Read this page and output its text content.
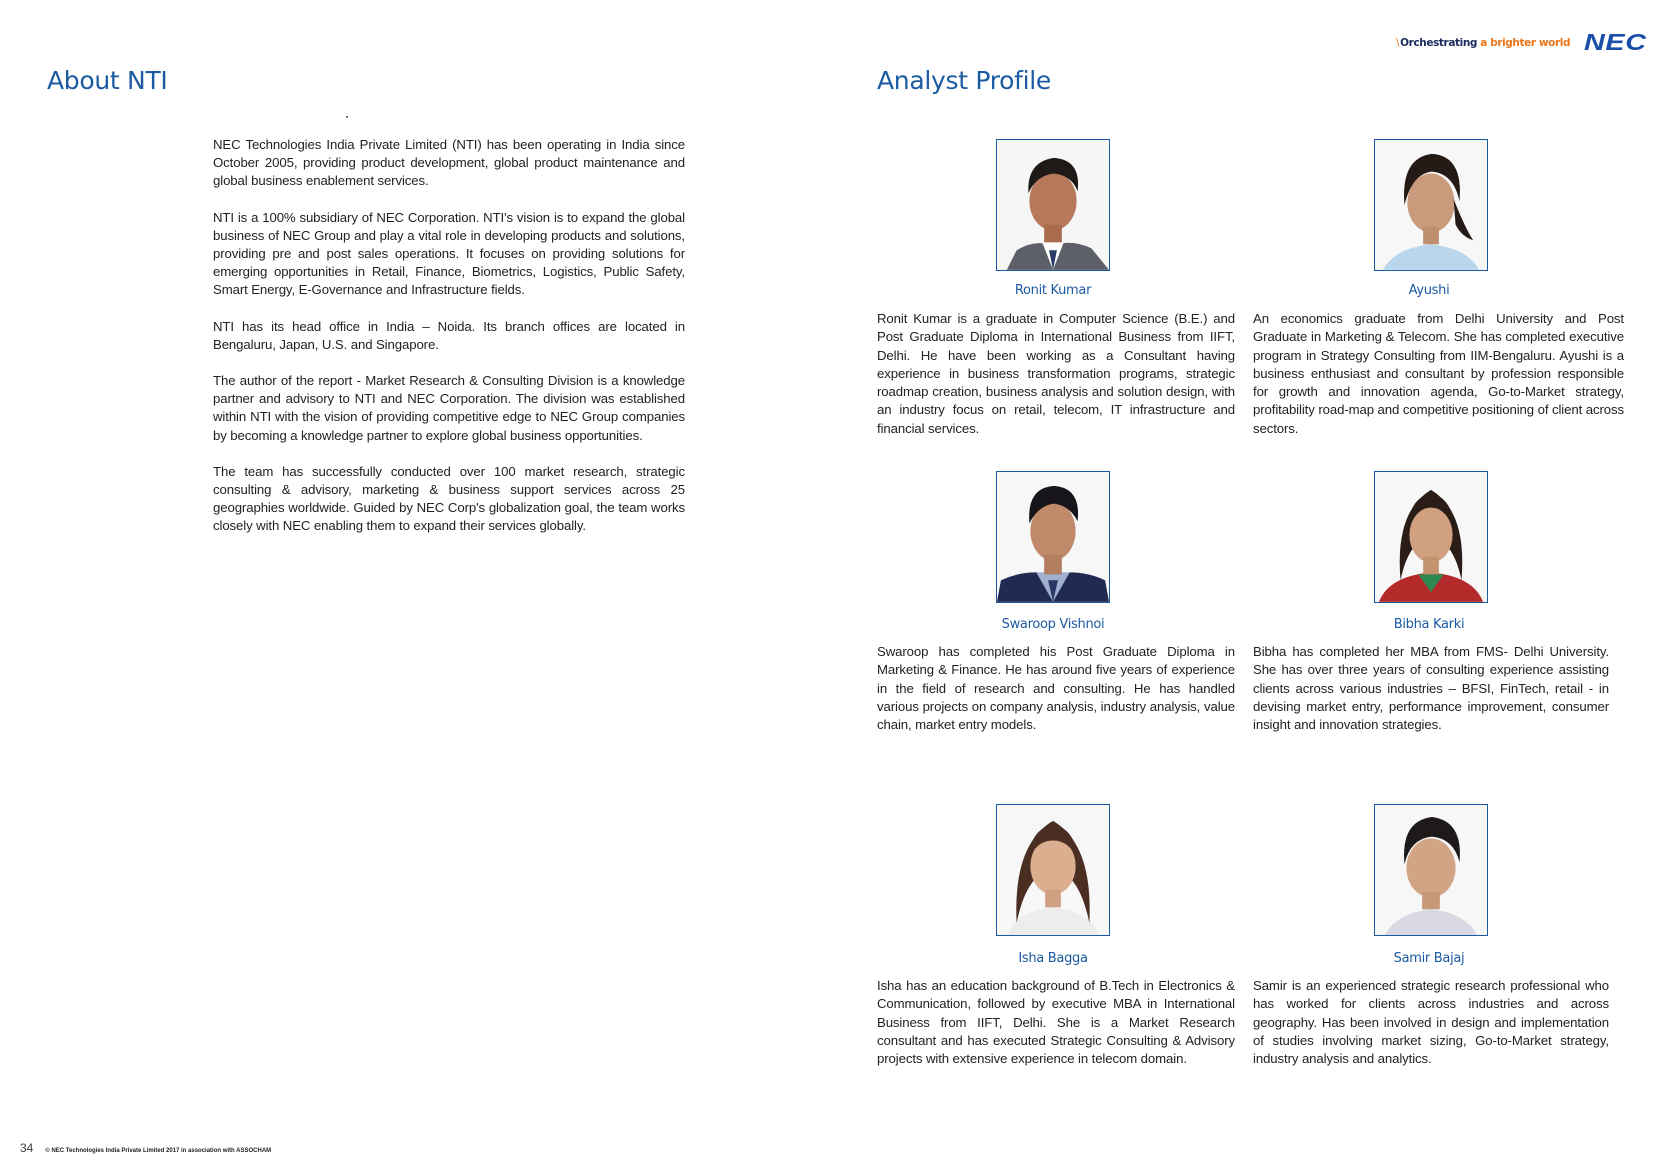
\Orchestrating a brighter world NEC
About NTI

NEC Technologies India Private Limited (NTI) has been operating in India since October 2005, providing product development, global product maintenance and global business enablement services.

NTI is a 100% subsidiary of NEC Corporation. NTI's vision is to expand the global business of NEC Group and play a vital role in developing products and solutions, providing pre and post sales operations. It focuses on providing solutions for emerging opportunities in Retail, Finance, Biometrics, Logistics, Public Safety, Smart Energy, E-Governance and Infrastructure fields.

NTI has its head office in India – Noida. Its branch offices are located in Bengaluru, Japan, U.S. and Singapore.

The author of the report - Market Research & Consulting Division is a knowledge partner and advisory to NTI and NEC Corporation. The division was established within NTI with the vision of providing competitive edge to NEC Group companies by becoming a knowledge partner to explore global business opportunities.

The team has successfully conducted over 100 market research, strategic consulting & advisory, marketing & business support services across 25 geographies worldwide. Guided by NEC Corp's globalization goal, the team works closely with NEC enabling them to expand their services globally.

Analyst Profile
Ronit Kumar
Ronit Kumar is a graduate in Computer Science (B.E.) and Post Graduate Diploma in International Business from IIFT, Delhi. He have been working as a Consultant having experience in business transformation programs, strategic roadmap creation, business analysis and solution design, with an industry focus on retail, telecom, IT infrastructure and financial services.
Ayushi
An economics graduate from Delhi University and Post Graduate in Marketing & Telecom. She has completed executive program in Strategy Consulting from IIM-Bengaluru. Ayushi is a business enthusiast and consultant by profession responsible for growth and innovation agenda, Go-to-Market strategy, profitability road-map and competitive positioning of client across sectors.
Swaroop Vishnoi
Swaroop has completed his Post Graduate Diploma in Marketing & Finance. He has around five years of experience in the field of research and consulting. He has handled various projects on company analysis, industry analysis, value chain, market entry models.
Bibha Karki
Bibha has completed her MBA from FMS- Delhi University. She has over three years of consulting experience assisting clients across various industries – BFSI, FinTech, retail - in devising market entry, performance improvement, consumer insight and innovation strategies.
Isha Bagga
Isha has an education background of B.Tech in Electronics & Communication, followed by executive MBA in International Business from IIFT, Delhi. She is a Market Research consultant and has executed Strategic Consulting & Advisory projects with extensive experience in telecom domain.
Samir Bajaj
Samir is an experienced strategic research professional who has worked for clients across industries and across geography. Has been involved in design and implementation of studies involving market sizing, Go-to-Market strategy, industry analysis and analytics.
34 © NEC Technologies India Private Limited 2017 in association with ASSOCHAM
